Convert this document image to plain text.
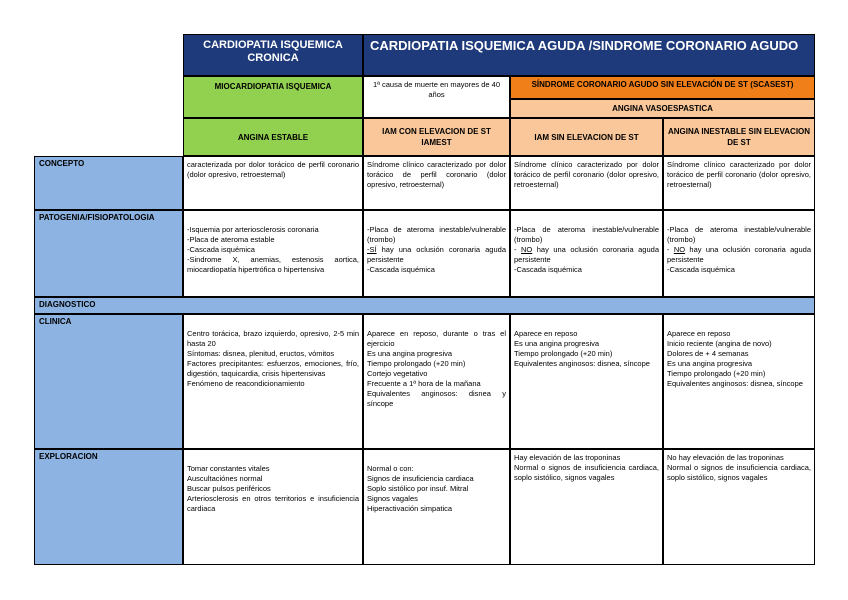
CARDIOPATIA ISQUEMICA CRONICA
CARDIOPATIA ISQUEMICA AGUDA /SINDROME CORONARIO AGUDO
MIOCARDIOPATIA ISQUEMICA	1ª causa de muerte en mayores de 40 años
SÍNDROME CORONARIO AGUDO SIN ELEVACIÓN DE ST (SCASEST)
ANGINA VASOESPASTICA
ANGINA ESTABLE
IAM CON ELEVACION DE ST IAMEST
IAM SIN ELEVACION DE ST
ANGINA INESTABLE SIN ELEVACION DE ST
CONCEPTO	caracterizada por dolor torácico de perfil coronario (dolor opresivo, retroesternal)
Síndrome clínico caracterizado por dolor torácico de perfil coronario (dolor opresivo, retroesternal)
Síndrome clínico caracterizado por dolor torácico de perfil coronario (dolor opresivo, retroesternal)
Síndrome clínico caracterizado por dolor torácico de perfil coronario (dolor opresivo, retroesternal)
PATOGENIA/FISIOPATOLOGIA
-Isquemia por arteriosclerosis coronaria
-Placa de ateroma estable
-Cascada isquémica
-Sindrome X, anemias, estenosis aortica, miocardiopatía hipertrófica o hipertensiva
-Placa de ateroma inestable/vulnerable (trombo)
-SÍ hay una oclusión coronaria aguda persistente
-Cascada isquémica
-Placa de ateroma inestable/vulnerable (trombo)
- NO hay una oclusión coronaria aguda persistente
-Cascada isquémica
-Placa de ateroma inestable/vulnerable (trombo)
- NO hay una oclusión coronaria aguda persistente
-Cascada isquémica
DIAGNOSTICO
CLINICA
Centro torácica, brazo izquierdo, opresivo, 2-5 min hasta 20
Síntomas: disnea, plenitud, eructos, vómitos
Factores precipitantes: esfuerzos, emociones, frío, digestión, taquicardia, crisis hipertensivas
Fenómeno de reacondicionamiento
Aparece en reposo, durante o tras el ejercicio
Es una angina progresiva
Tiempo prolongado (+20 min)
Cortejo vegetativo
Frecuente a 1ª hora de la mañana
Equivalentes anginosos: disnea y síncope
Aparece en reposo
Es una angina progresiva
Tiempo prolongado (+20 min)
Equivalentes anginosos: disnea, síncope
Aparece en reposo
Inicio reciente (angina de novo)
Dolores de + 4 semanas
Es una angina progresiva
Tiempo prolongado (+20 min)
Equivalentes anginosos: disnea, síncope
EXPLORACION
Tomar constantes vitales
Auscultaciónes normal
Buscar pulsos periféricos
Arteriosclerosis en otros territorios e insuficiencia cardiaca
Normal o con:
Signos de insuficiencia cardiaca
Soplo sistólico por insuf. Mitral
Signos vagales
Hiperactivación simpatica
Hay elevación de las troponinas
Normal o signos de insuficiencia cardiaca, soplo sistólico, signos vagales
No hay elevación de las troponinas
Normal o signos de insuficiencia cardiaca, soplo sistólico, signos vagales
